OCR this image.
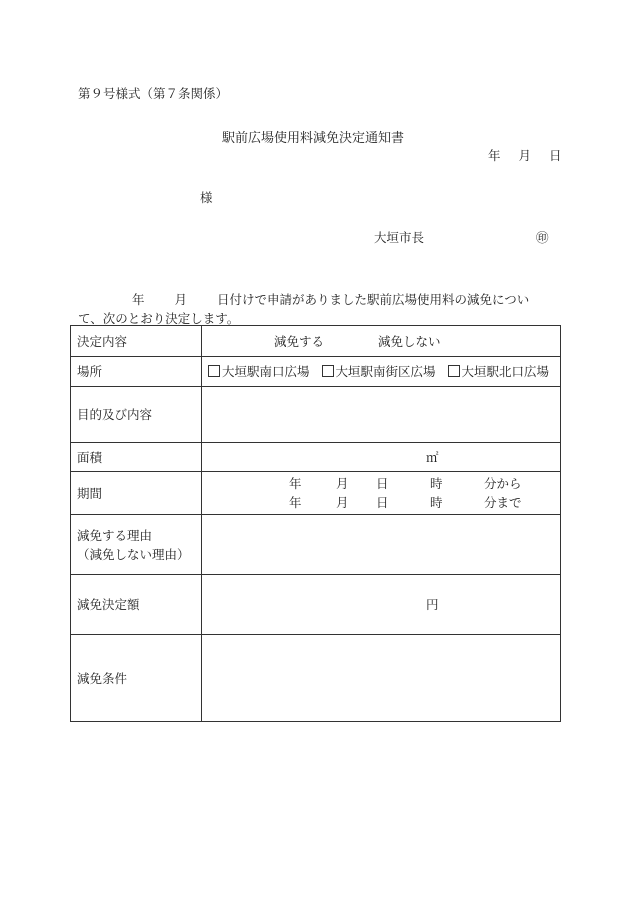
第９号様式（第７条関係）
駅前広場使用料減免決定通知書
年 月 日
様
大垣市長	㊞
年 月 日付けで申請がありました駅前広場使用料の減免につい
て、次のとおり決定します。
決定内容	減免する 減免しない
場所	大垣駅南口広場 大垣駅南街区広場 大垣駅北口広場
目的及び内容	
面積	㎡
期間	年 月 日 時 分から
年 月 日 時 分まで

減免する理由
（減免しない理由）	

減免決定額	円
減免条件	
